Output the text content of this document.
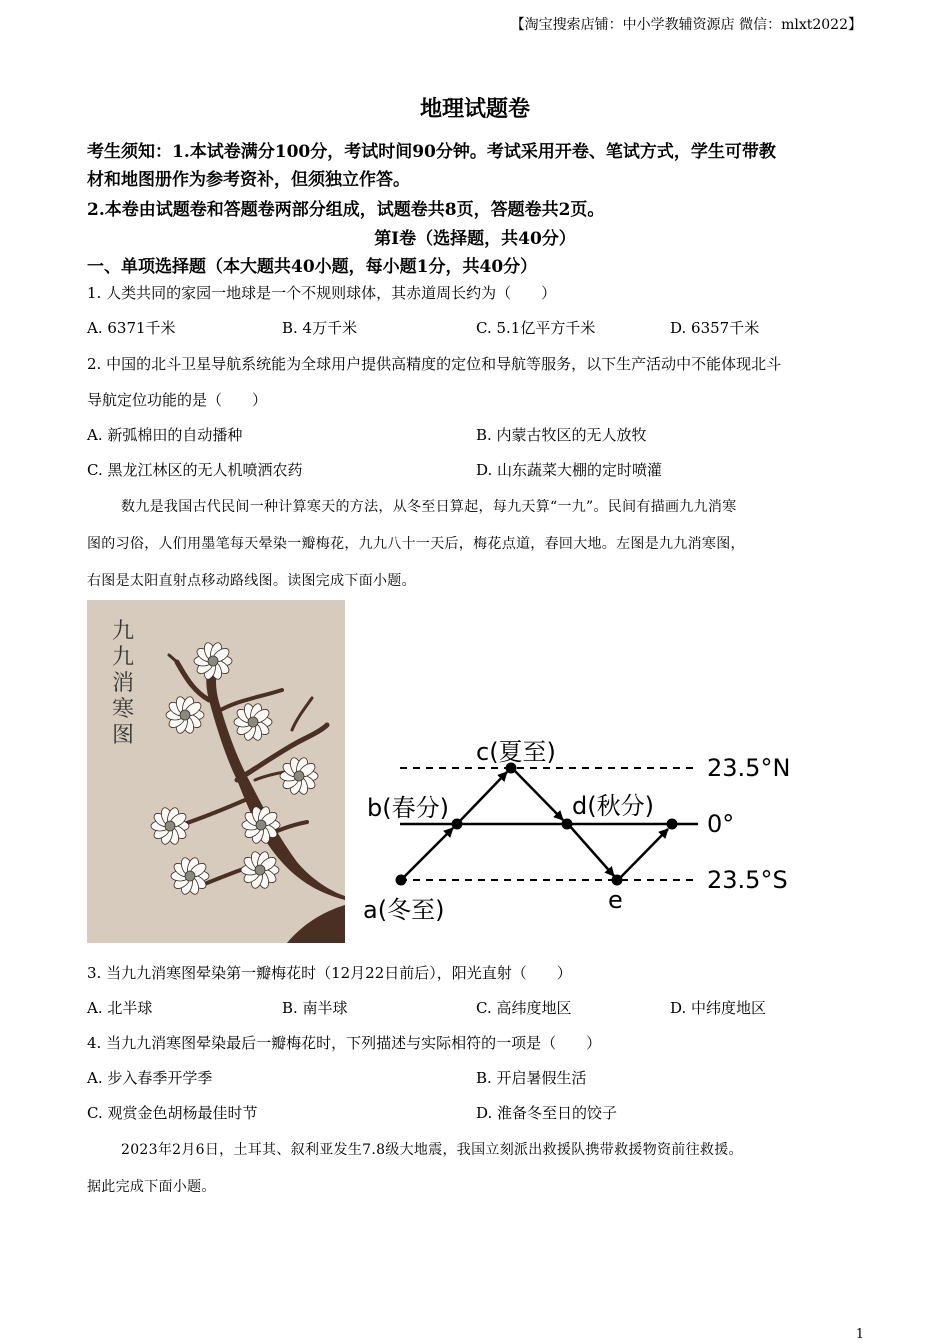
【淘宝搜索店铺：中小学教辅资源店 微信：mlxt2022】
地理试题卷
考生须知：1.本试卷满分100分，考试时间90分钟。考试采用开卷、笔试方式，学生可带教
材和地图册作为参考资补，但须独立作答。
2.本卷由试题卷和答题卷两部分组成，试题卷共8页，答题卷共2页。
第Ⅰ卷（选择题，共40分）
一、单项选择题（本大题共40小题，每小题1分，共40分）
1. 人类共同的家园一地球是一个不规则球体，其赤道周长约为（　　）
A. 6371千米	B. 4万千米	C. 5.1亿平方千米	D. 6357千米
2. 中国的北斗卫星导航系统能为全球用户提供高精度的定位和导航等服务，以下生产活动中不能体现北斗
导航定位功能的是（　　）
A. 新弧棉田的自动播种	B. 内蒙古牧区的无人放牧
C. 黑龙江林区的无人机喷洒农药	D. 山东蔬菜大棚的定时喷灌
数九是我国古代民间一种计算寒天的方法，从冬至日算起，每九天算“一九”。民间有描画九九消寒
图的习俗，人们用墨笔每天晕染一瓣梅花，九九八十一天后，梅花点道，春回大地。左图是九九消寒图，
右图是太阳直射点移动路线图。读图完成下面小题。
九
九
消
寒
图
c(夏至)
b(春分)	d(秋分)
a(冬至)	e
23.5°N
0°
23.5°S
3. 当九九消寒图晕染第一瓣梅花时（12月22日前后），阳光直射（　　）
A. 北半球	B. 南半球	C. 高纬度地区	D. 中纬度地区
4. 当九九消寒图晕染最后一瓣梅花时，下列描述与实际相符的一项是（　　）
A. 步入春季开学季	B. 开启暑假生活
C. 观赏金色胡杨最佳时节	D. 淮备冬至日的饺子
2023年2月6日，土耳其、叙利亚发生7.8级大地震，我国立刻派出救援队携带救援物资前往救援。
据此完成下面小题。
1
